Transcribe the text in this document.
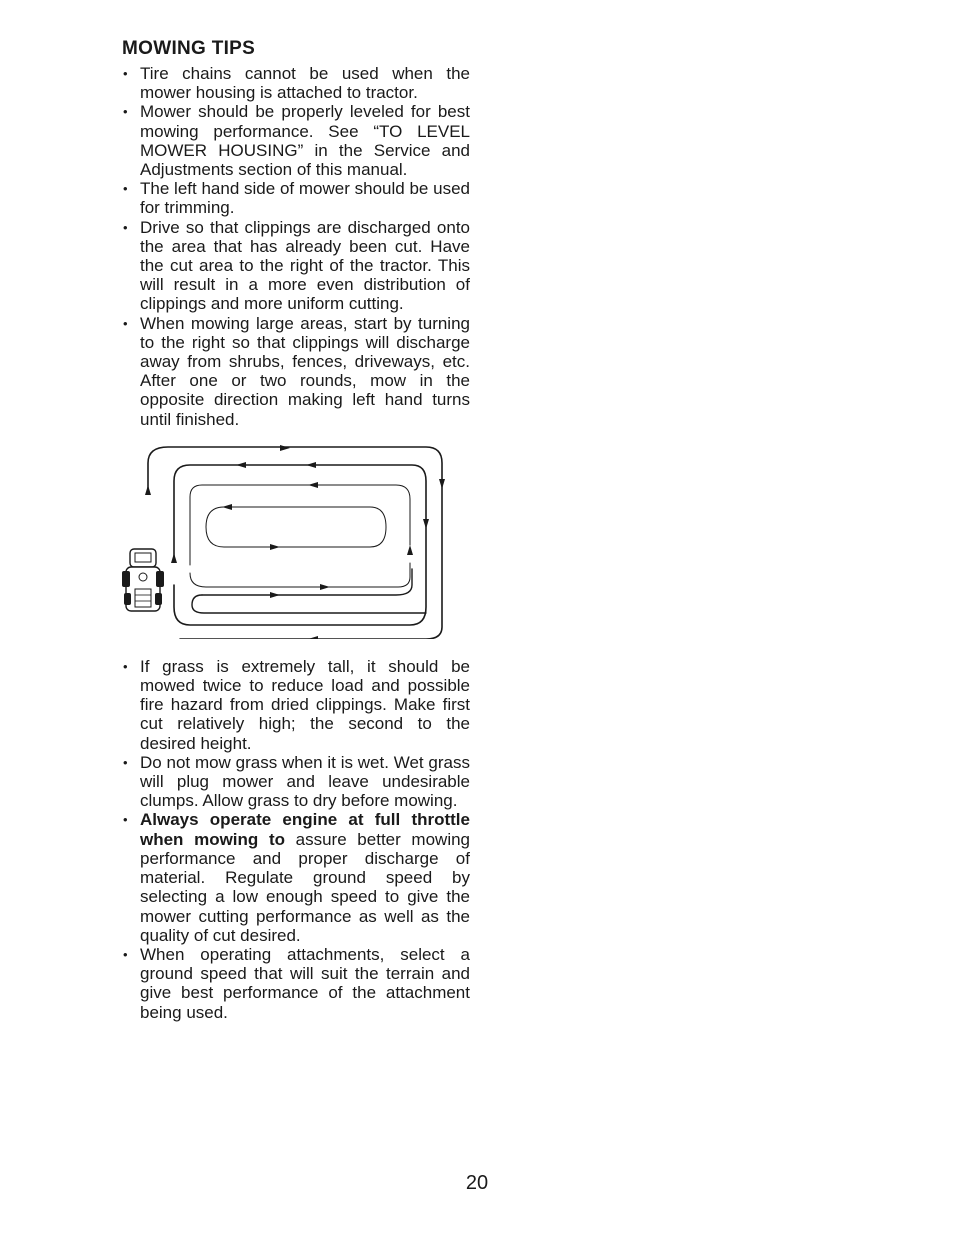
MOWING TIPS
• Tire chains cannot be used when the mower housing is attached to tractor.
• Mower should be properly leveled for best mowing performance. See “TO LEVEL MOWER HOUSING” in the Service and Adjustments section of this manual.
• The left hand side of mower should be used for trimming.
• Drive so that clippings are discharged onto the area that has already been cut. Have the cut area to the right of the tractor. This will result in a more even distribution of clippings and more uniform cutting.
• When mowing large areas, start by turning to the right so that clippings will discharge away from shrubs, fences, driveways, etc. After one or two rounds, mow in the opposite direction making left hand turns until finished.
• If grass is extremely tall, it should be mowed twice to reduce load and possible fire hazard from dried clippings. Make first cut relatively high; the second to the desired height.
• Do not mow grass when it is wet. Wet grass will plug mower and leave undesirable clumps. Allow grass to dry before mowing.
• Always operate engine at full throttle when mowing to assure better mowing performance and proper discharge of material. Regulate ground speed by selecting a low enough speed to give the mower cutting performance as well as the quality of cut desired.
• When operating attachments, select a ground speed that will suit the terrain and give best performance of the attachment being used.
20
